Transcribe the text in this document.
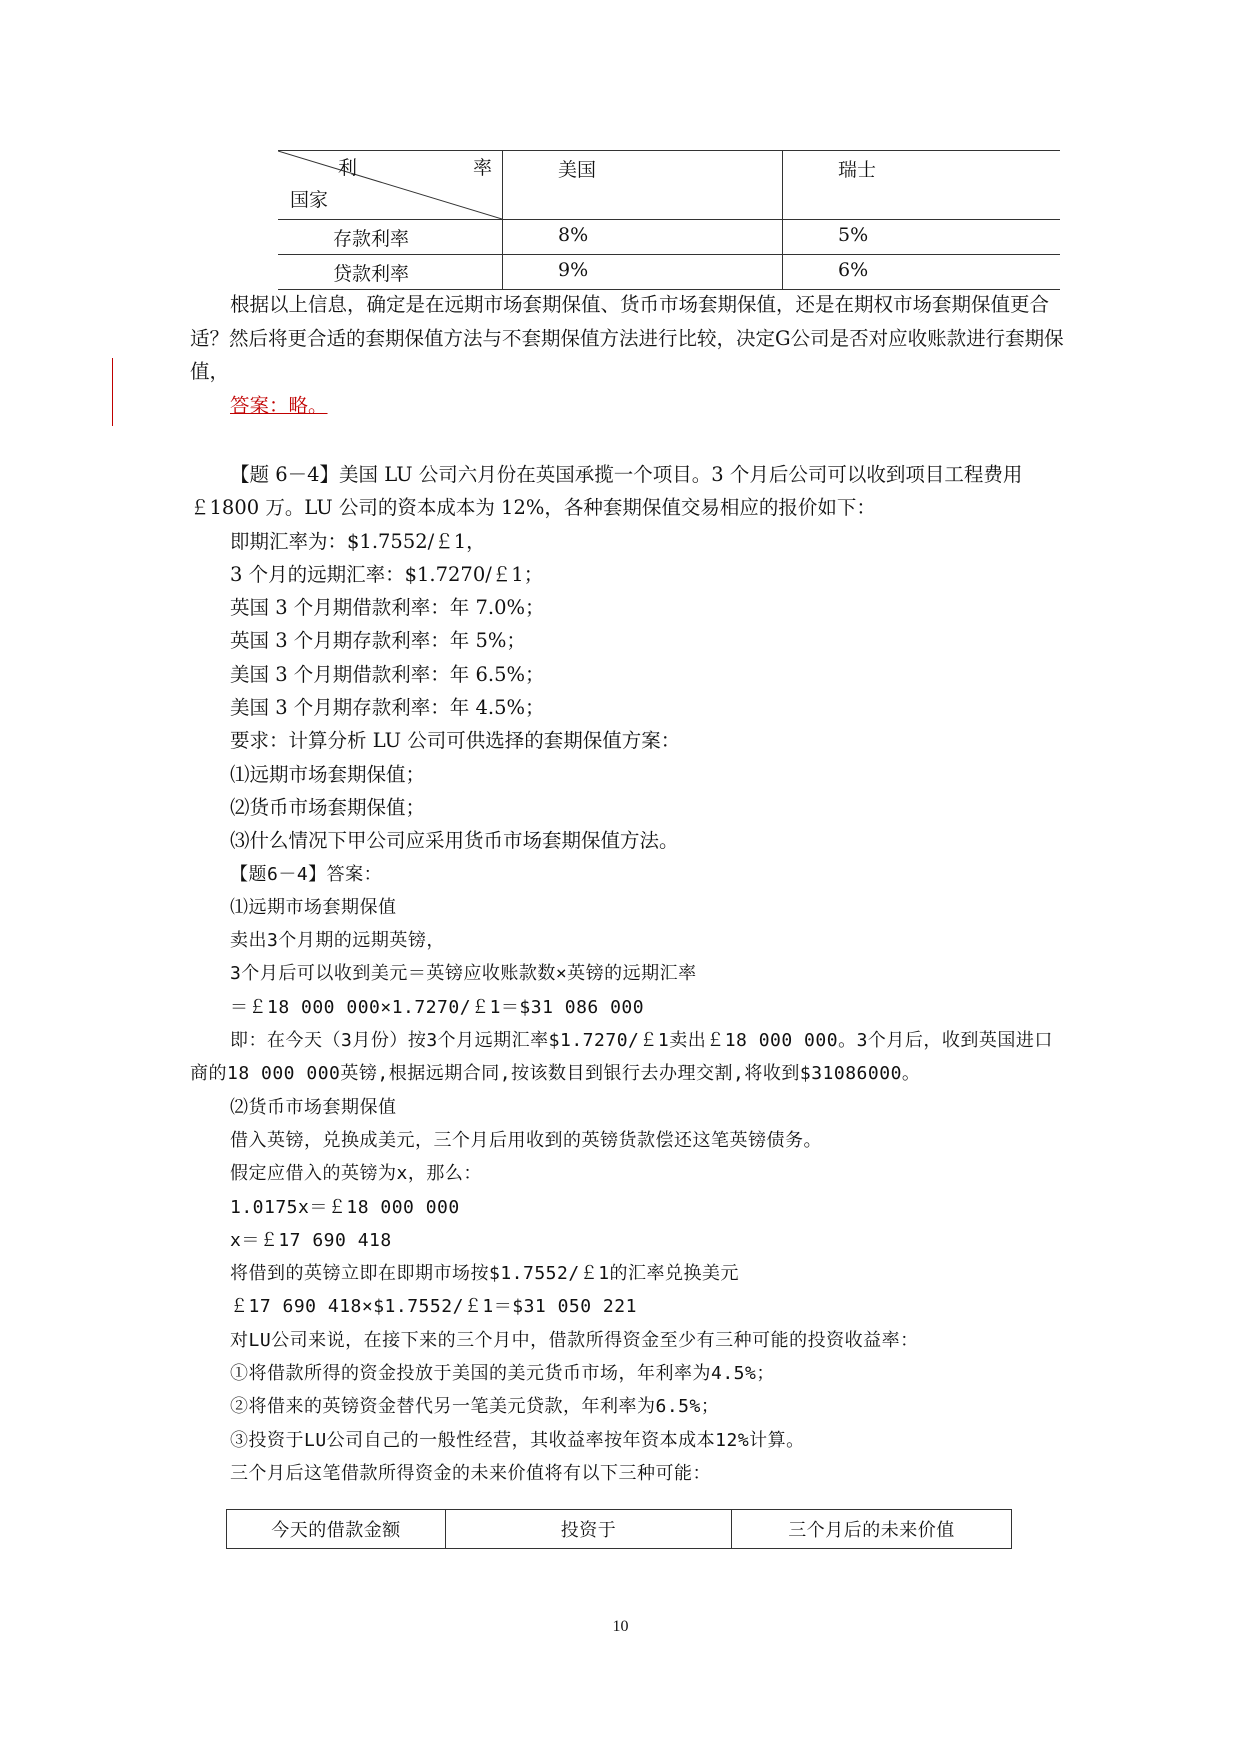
利 率
国家	美国	瑞士

存款利率	8%	5%

贷款利率	9%	6%

根据以上信息，确定是在远期市场套期保值、货币市场套期保值，还是在期权市场套期保值更合适？然后将更合适的套期保值方法与不套期保值方法进行比较，决定G公司是否对应收账款进行套期保值，

答案：略。

【题 6－4】美国 LU 公司六月份在英国承揽一个项目。3 个月后公司可以收到项目工程费用￡1800 万。LU 公司的资本成本为 12%，各种套期保值交易相应的报价如下：

即期汇率为：$1.7552/￡1，

3 个月的远期汇率：$1.7270/￡1；

英国 3 个月期借款利率：年 7.0%；

英国 3 个月期存款利率：年 5%；

美国 3 个月期借款利率：年 6.5%；

美国 3 个月期存款利率：年 4.5%；

要求：计算分析 LU 公司可供选择的套期保值方案：

⑴远期市场套期保值；

⑵货币市场套期保值；

⑶什么情况下甲公司应采用货币市场套期保值方法。

【题6－4】答案：

⑴远期市场套期保值

卖出3个月期的远期英镑，

3个月后可以收到美元＝英镑应收账款数×英镑的远期汇率

＝￡18 000 000×1.7270/￡1＝$31 086 000

即：在今天（3月份）按3个月远期汇率$1.7270/￡1卖出￡18 000 000。3个月后，收到英国进口商的18 000 000英镑,根据远期合同,按该数目到银行去办理交割,将收到$31086000。

⑵货币市场套期保值

借入英镑，兑换成美元，三个月后用收到的英镑货款偿还这笔英镑债务。

假定应借入的英镑为x，那么：

1.0175x＝￡18 000 000

x＝￡17 690 418

将借到的英镑立即在即期市场按$1.7552/￡1的汇率兑换美元

￡17 690 418×$1.7552/￡1＝$31 050 221

对LU公司来说，在接下来的三个月中，借款所得资金至少有三种可能的投资收益率：

①将借款所得的资金投放于美国的美元货币市场，年利率为4.5%；

②将借来的英镑资金替代另一笔美元贷款，年利率为6.5%；

③投资于LU公司自己的一般性经营，其收益率按年资本成本12%计算。

三个月后这笔借款所得资金的未来价值将有以下三种可能：

今天的借款金额	投资于	三个月后的未来价值
10
